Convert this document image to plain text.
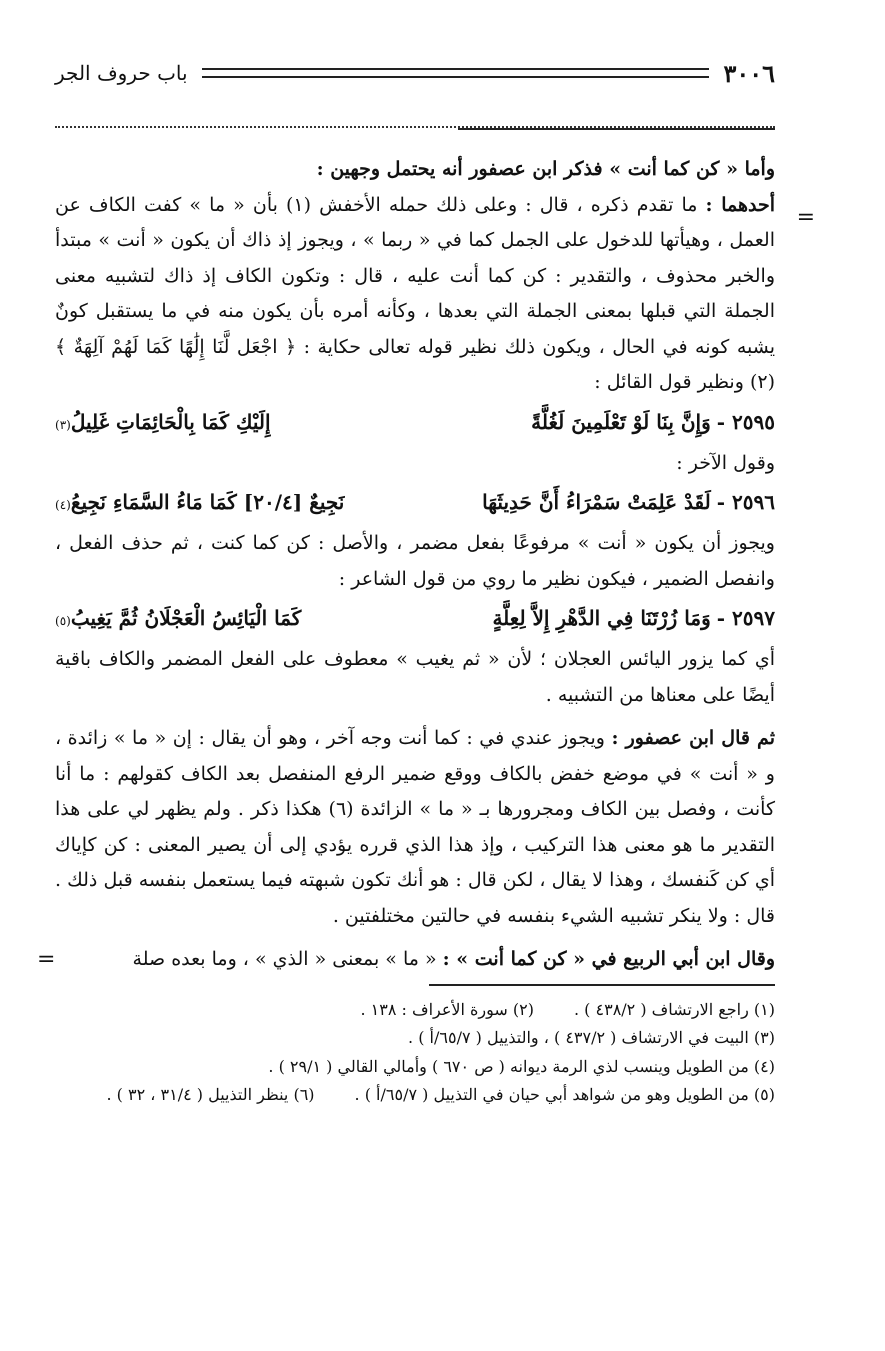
٣٠٠٦
باب حروف الجر
=

وأما « كن كما أنت » فذكر ابن عصفور أنه يحتمل وجهين :

أحدهما : ما تقدم ذكره ، قال : وعلى ذلك حمله الأخفش (١) بأن « ما » كفت الكاف عن العمل ، وهيأتها للدخول على الجمل كما في « ربما » ، ويجوز إذ ذاك أن يكون « أنت » مبتدأ والخبر محذوف ، والتقدير : كن كما أنت عليه ، قال : وتكون الكاف إذ ذاك لتشبيه معنى الجملة التي قبلها بمعنى الجملة التي بعدها ، وكأنه أمره بأن يكون منه في ما يستقبل كونٌ يشبه كونه في الحال ، ويكون ذلك نظير قوله تعالى حكاية : ﴿ اجْعَل لَّنَا إِلَٰهًا كَمَا لَهُمْ آلِهَةٌ ﴾ (٢) ونظير قول القائل :

٢٥٩٥ -
وَإِنَّ بِنَا لَوْ تَعْلَمِينَ لَغُلَّةً
إِلَيْكِ كَمَا بِالْحَائِمَاتِ غَلِيلُ
(٣)

وقول الآخر :

٢٥٩٦ -
لَقَدْ عَلِمَتْ سَمْرَاءُ أَنَّ حَدِيثَهَا
نَجِيعٌ [٢٠/٤] كَمَا مَاءُ السَّمَاءِ نَجِيعُ
(٤)

ويجوز أن يكون « أنت » مرفوعًا بفعل مضمر ، والأصل : كن كما كنت ، ثم حذف الفعل ، وانفصل الضمير ، فيكون نظير ما روي من قول الشاعر :

٢٥٩٧ -
وَمَا زُرْتَنَا فِي الدَّهْرِ إِلاَّ لِعِلَّةٍ
كَمَا الْيَائِسُ الْعَجْلَانُ ثُمَّ يَغِيبُ
(٥)

أي كما يزور اليائس العجلان ؛ لأن « ثم يغيب » معطوف على الفعل المضمر والكاف باقية أيضًا على معناها من التشبيه .

ثم قال ابن عصفور : ويجوز عندي في : كما أنت وجه آخر ، وهو أن يقال : إن « ما » زائدة ، و « أنت » في موضع خفض بالكاف ووقع ضمير الرفع المنفصل بعد الكاف كقولهم : ما أنا كأنت ، وفصل بين الكاف ومجرورها بـ « ما » الزائدة (٦) هكذا ذكر . ولم يظهر لي على هذا التقدير ما هو معنى هذا التركيب ، وإذ هذا الذي قرره يؤدي إلى أن يصير المعنى : كن كإياك أي كن كَنفسك ، وهذا لا يقال ، لكن قال : هو أنك تكون شبهته فيما يستعمل بنفسه قبل ذلك . قال : ولا ينكر تشبيه الشيء بنفسه في حالتين مختلفتين .

وقال ابن أبي الربيع في « كن كما أنت » : « ما » بمعنى « الذي » ، وما بعده صلة
=

(١) راجع الارتشاف ( ٤٣٨/٢ ) .
(٢) سورة الأعراف : ١٣٨ .
(٣) البيت في الارتشاف ( ٤٣٧/٢ ) ، والتذييل ( ٦٥/٧/أ ) .
(٤) من الطويل وينسب لذي الرمة ديوانه ( ص ٦٧٠ ) وأمالي القالي ( ٢٩/١ ) .
(٥) من الطويل وهو من شواهد أبي حيان في التذييل ( ٦٥/٧/أ ) .
(٦) ينظر التذييل ( ٣١/٤ ، ٣٢ ) .
